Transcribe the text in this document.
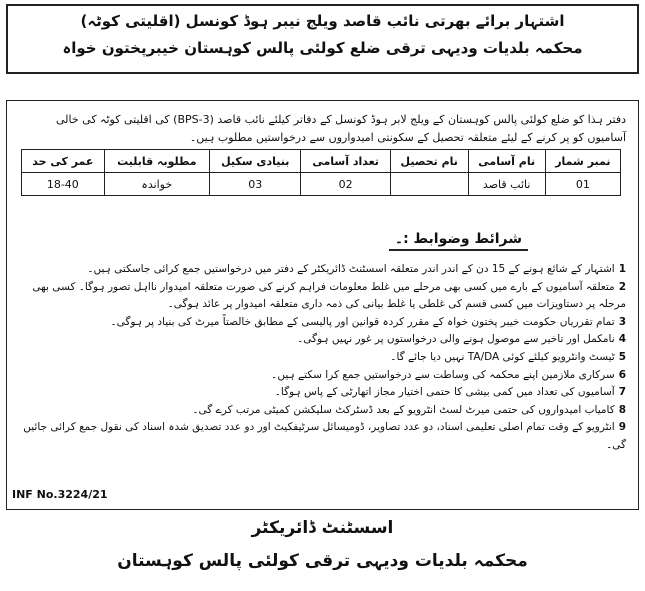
اشتہار برائے بھرتی نائب قاصد ویلج نیبر ہوڈ کونسل (اقلیتی کوٹہ)
محکمہ بلدیات ودیہی ترقی ضلع کولئی پالس کوہستان خیبرپختون خواہ
دفتر ہذا کو ضلع کولئی پالس کوہستان کے ویلج لابر ہوڈ کونسل کے دفاتر کیلئے نائب قاصد (BPS-3) کی اقلیتی کوٹہ کی خالی آسامیوں کو پر کرنے کے لیئے متعلقہ تحصیل کے سکونتی امیدواروں سے درخواستیں مطلوب ہیں۔
نمبر شمار	نام آسامی	نام تحصیل	تعداد آسامی	بنیادی سکیل	مطلوبہ قابلیت	عمر کی حد
01	نائب قاصد		02	03	خواندہ	18-40
شرائط وضوابط :۔
1اشتہار کے شائع ہونے کے 15 دن کے اندر اندر متعلقہ اسسٹنٹ ڈائریکٹر کے دفتر میں درخواستیں جمع کرائی جاسکتی ہیں۔
2متعلقہ آسامیوں کے بارے میں کسی بھی مرحلے میں غلط معلومات فراہم کرنے کی صورت متعلقہ امیدوار نااہل تصور ہوگا۔ کسی بھی مرحلہ پر دستاویزات میں کسی قسم کی غلطی یا غلط بیانی کی ذمہ داری متعلقہ امیدوار پر عائد ہوگی۔
3تمام تقرریاں حکومت خیبر پختون خواہ کے مقرر کردہ قوانین اور پالیسی کے مطابق خالصتاً میرٹ کی بنیاد پر ہوگی۔
4نامکمل اور تاخیر سے موصول ہونے والی درخواستوں پر غور نہیں ہوگی۔
5ٹیسٹ وانٹرویو کیلئے کوئی TA/DA نہیں دیا جائے گا۔
6سرکاری ملازمین اپنے محکمہ کی وساطت سے درخواستیں جمع کرا سکتے ہیں۔
7آسامیوں کی تعداد میں کمی بیشی کا حتمی اختیار مجاز اتھارٹی کے پاس ہوگا۔
8کامیاب امیدواروں کی حتمی میرٹ لسٹ انٹرویو کے بعد ڈسٹرکٹ سلیکشن کمیٹی مرتب کرے گی۔
9انٹرویو کے وقت تمام اصلی تعلیمی اسناد، دو عدد تصاویر، ڈومیسائل سرٹیفکیٹ اور دو عدد تصدیق شدہ اسناد کی نقول جمع کرائی جائیں گی۔
INF No.3224/21
اسسٹنٹ ڈائریکٹر
محکمہ بلدیات ودیہی ترقی کولئی پالس کوہستان
